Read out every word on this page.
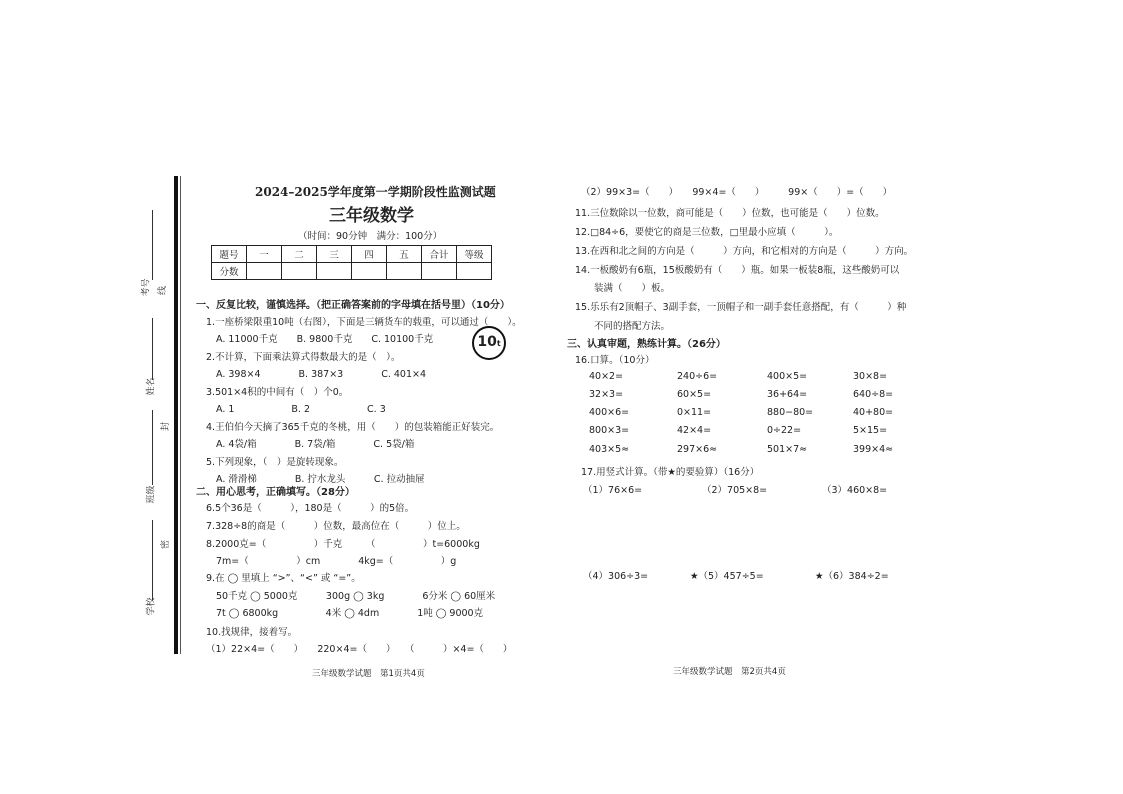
考号 线
姓名
封
班级
密
学校
2024–2025学年度第一学期阶段性监测试题
三年级数学
（时间：90分钟　满分：100分）
题号	一	二	三	四	五	合计	等级
分数							
一、反复比较，谨慎选择。（把正确答案前的字母填在括号里）（10分）
1.一座桥梁限重10吨（右图），下面是三辆货车的载重，可以通过（　　）。
A. 11000千克　　B. 9800千克　　C. 10100千克	10t
2.不计算，下面乘法算式得数最大的是（　）。
A. 398×4　　　　B. 387×3　　　　C. 401×4
3.501×4积的中间有（　）个0。
A. 1　　　　　　B. 2　　　　　　C. 3
4.王伯伯今天摘了365千克的冬桃，用（　　）的包装箱能正好装完。
A. 4袋/箱　　　　B. 7袋/箱　　　　C. 5袋/箱
5.下列现象，（　）是旋转现象。
A. 滑滑梯　　　　B. 拧水龙头　　　C. 拉动抽屉
二、用心思考，正确填写。（28分）
6.5个36是（　　　），180是（　　　）的5倍。
7.328÷8的商是（　　　）位数，最高位在（　　　）位上。
8.2000克=（　　　　　）千克　　　（　　　　　）t=6000kg
7m=（　　　　　）cm　　　　4kg=（　　　　　）g
9.在 ◯ 里填上 “>”、“<” 或 “=”。
50千克 ◯ 5000克　　　300g ◯ 3kg　　　　6分米 ◯ 60厘米
7t ◯ 6800kg　　　　　4米 ◯ 4dm　　　　1吨 ◯ 9000克
10.找规律，接着写。
（1）22×4=（　　）　　220×4=（　　）　　（　　　）×4=（　　）
三年级数学试题　第1页共4页
（2）99×3=（　　）　　99×4=（　　）　　　99×（　　）=（　　）
11.三位数除以一位数，商可能是（　　）位数，也可能是（　　）位数。
12.□84÷6，要使它的商是三位数，□里最小应填（　　　）。
13.在西和北之间的方向是（　　　）方向，和它相对的方向是（　　　）方向。
14.一板酸奶有6瓶，15板酸奶有（　　）瓶。如果一板装8瓶，这些酸奶可以
装满（　　）板。
15.乐乐有2顶帽子、3副手套，一顶帽子和一副手套任意搭配，有（　　　）种
不同的搭配方法。
三、认真审题，熟练计算。（26分）
16.口算。（10分）
40×2=	240÷6=	400×5=	30×8=
32×3=	60×5=	36+64=	640÷8=
400×6=	0×11=	880−80=	40+80=
800×3=	42×4=	0÷22=	5×15=
403×5≈	297×6≈	501×7≈	399×4≈
17.用竖式计算。（带★的要验算）（16分）
（1）76×6=	（2）705×8=	（3）460×8=
（4）306÷3=	★（5）457÷5=	★（6）384÷2=
三年级数学试题　第2页共4页
